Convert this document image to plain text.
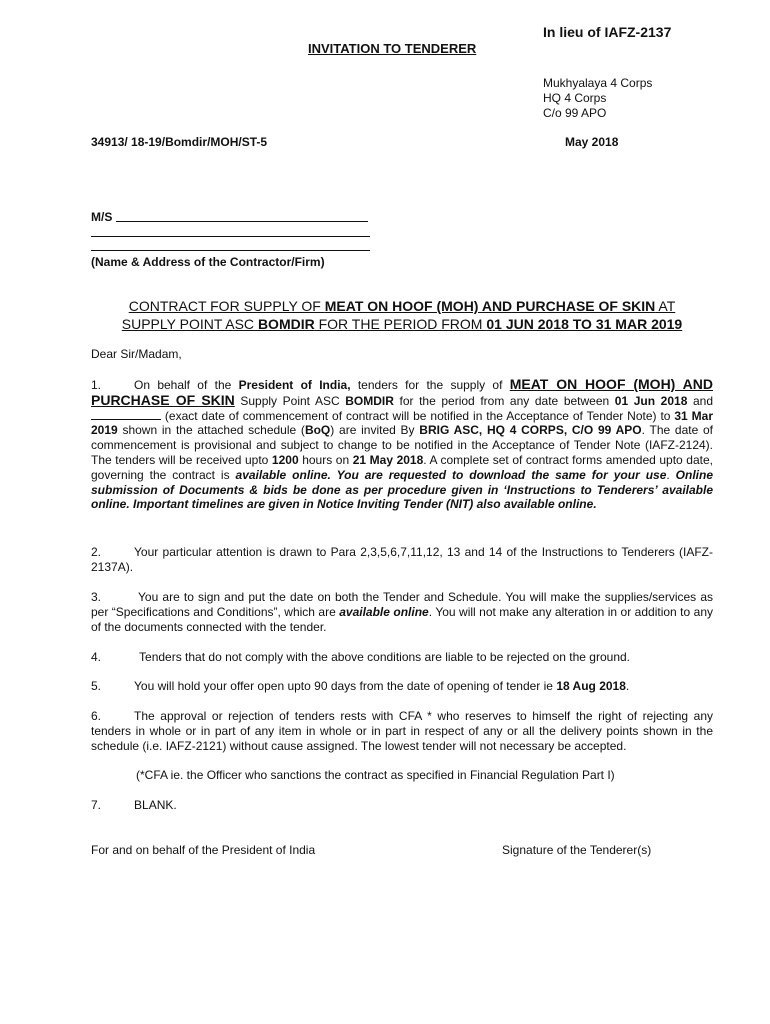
In lieu of IAFZ-2137
INVITATION TO TENDERER
Mukhyalaya 4 Corps
HQ 4 Corps
C/o 99 APO
34913/ 18-19/Bomdir/MOH/ST-5	May 2018
M/S
(Name & Address of the Contractor/Firm)
CONTRACT FOR SUPPLY OF MEAT ON HOOF (MOH) AND PURCHASE OF SKIN AT
SUPPLY POINT ASC BOMDIR FOR THE PERIOD FROM 01 JUN 2018 TO 31 MAR 2019
Dear Sir/Madam,
1.	On behalf of the President of India, tenders for the supply of MEAT ON HOOF (MOH) AND PURCHASE OF SKIN Supply Point ASC BOMDIR for the period from any date between 01 Jun 2018 and  (exact date of commencement of contract will be notified in the Acceptance of Tender Note) to 31 Mar 2019 shown in the attached schedule (BoQ) are invited By BRIG ASC, HQ 4 CORPS, C/O 99 APO. The date of commencement is provisional and subject to change to be notified in the Acceptance of Tender Note (IAFZ-2124). The tenders will be received upto 1200 hours on 21 May 2018. A complete set of contract forms amended upto date, governing the contract is available online. You are requested to download the same for your use. Online submission of Documents & bids be done as per procedure given in ‘Instructions to Tenderers’ available online. Important timelines are given in Notice Inviting Tender (NIT) also available online.
2.	Your particular attention is drawn to Para 2,3,5,6,7,11,12, 13 and 14 of the Instructions to Tenderers (IAFZ-2137A).
3.	You are to sign and put the date on both the Tender and Schedule. You will make the supplies/services as per “Specifications and Conditions”, which are available online. You will not make any alteration in or addition to any of the documents connected with the tender.
4.	Tenders that do not comply with the above conditions are liable to be rejected on the ground.
5.	You will hold your offer open upto 90 days from the date of opening of tender ie 18 Aug 2018.
6.	The approval or rejection of tenders rests with CFA * who reserves to himself the right of rejecting any tenders in whole or in part of any item in whole or in part in respect of any or all the delivery points shown in the schedule (i.e. IAFZ-2121) without cause assigned. The lowest tender will not necessary be accepted.
(*CFA ie. the Officer who sanctions the contract as specified in Financial Regulation Part I)
7.	BLANK.
For and on behalf of the President of India	Signature of the Tenderer(s)
